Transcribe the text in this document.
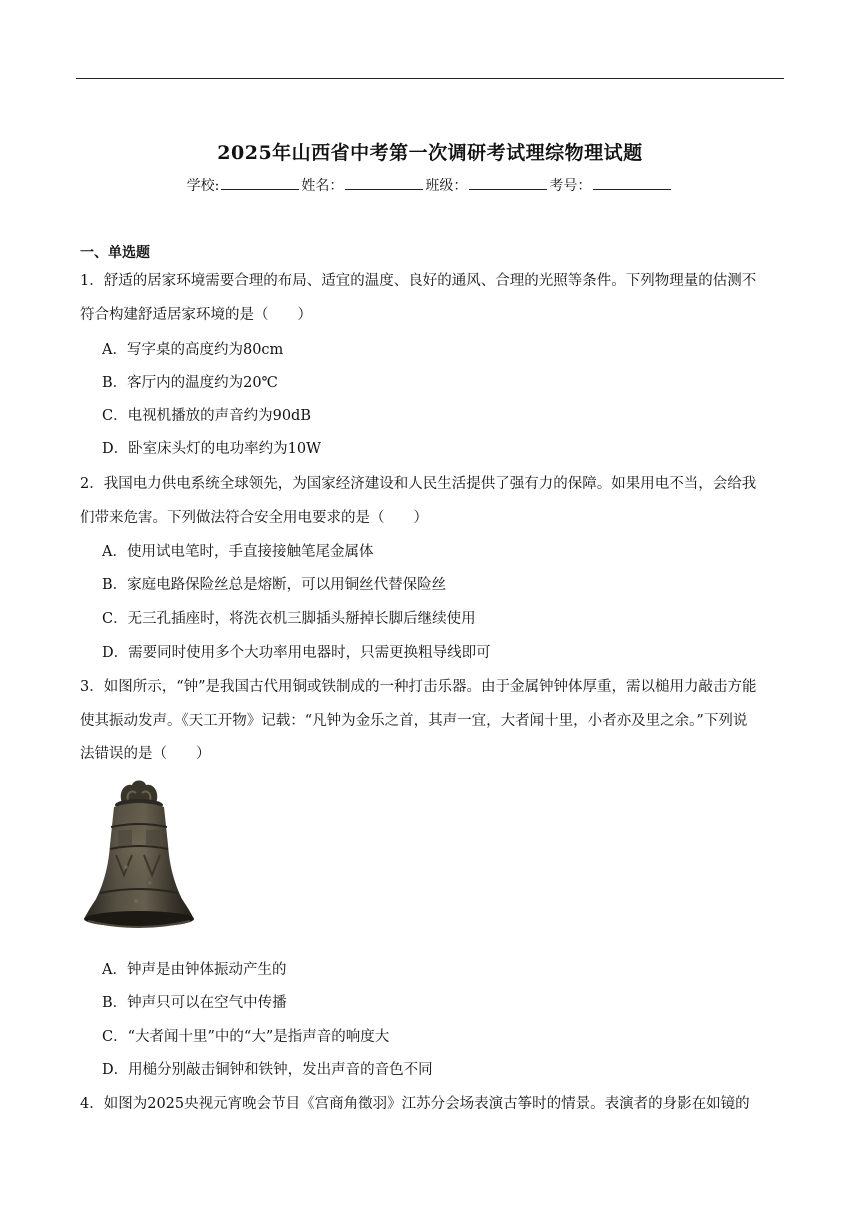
2025年山西省中考第一次调研考试理综物理试题
学校:	姓名：	班级：	考号：
一、单选题
1．舒适的居家环境需要合理的布局、适宜的温度、良好的通风、合理的光照等条件。下列物理量的估测不
符合构建舒适居家环境的是（　　）
A．写字桌的高度约为80cm
B．客厅内的温度约为20℃
C．电视机播放的声音约为90dB
D．卧室床头灯的电功率约为10W
2．我国电力供电系统全球领先，为国家经济建设和人民生活提供了强有力的保障。如果用电不当，会给我
们带来危害。下列做法符合安全用电要求的是（　　）
A．使用试电笔时，手直接接触笔尾金属体
B．家庭电路保险丝总是熔断，可以用铜丝代替保险丝
C．无三孔插座时，将洗衣机三脚插头掰掉长脚后继续使用
D．需要同时使用多个大功率用电器时，只需更换粗导线即可
3．如图所示，“钟”是我国古代用铜或铁制成的一种打击乐器。由于金属钟钟体厚重，需以槌用力敲击方能
使其振动发声。《天工开物》记载：“凡钟为金乐之首，其声一宜，大者闻十里，小者亦及里之余。”下列说
法错误的是（　　）
A．钟声是由钟体振动产生的
B．钟声只可以在空气中传播
C．“大者闻十里”中的“大”是指声音的响度大
D．用槌分别敲击铜钟和铁钟，发出声音的音色不同
4．如图为2025央视元宵晚会节目《宫商角徵羽》江苏分会场表演古筝时的情景。表演者的身影在如镜的
